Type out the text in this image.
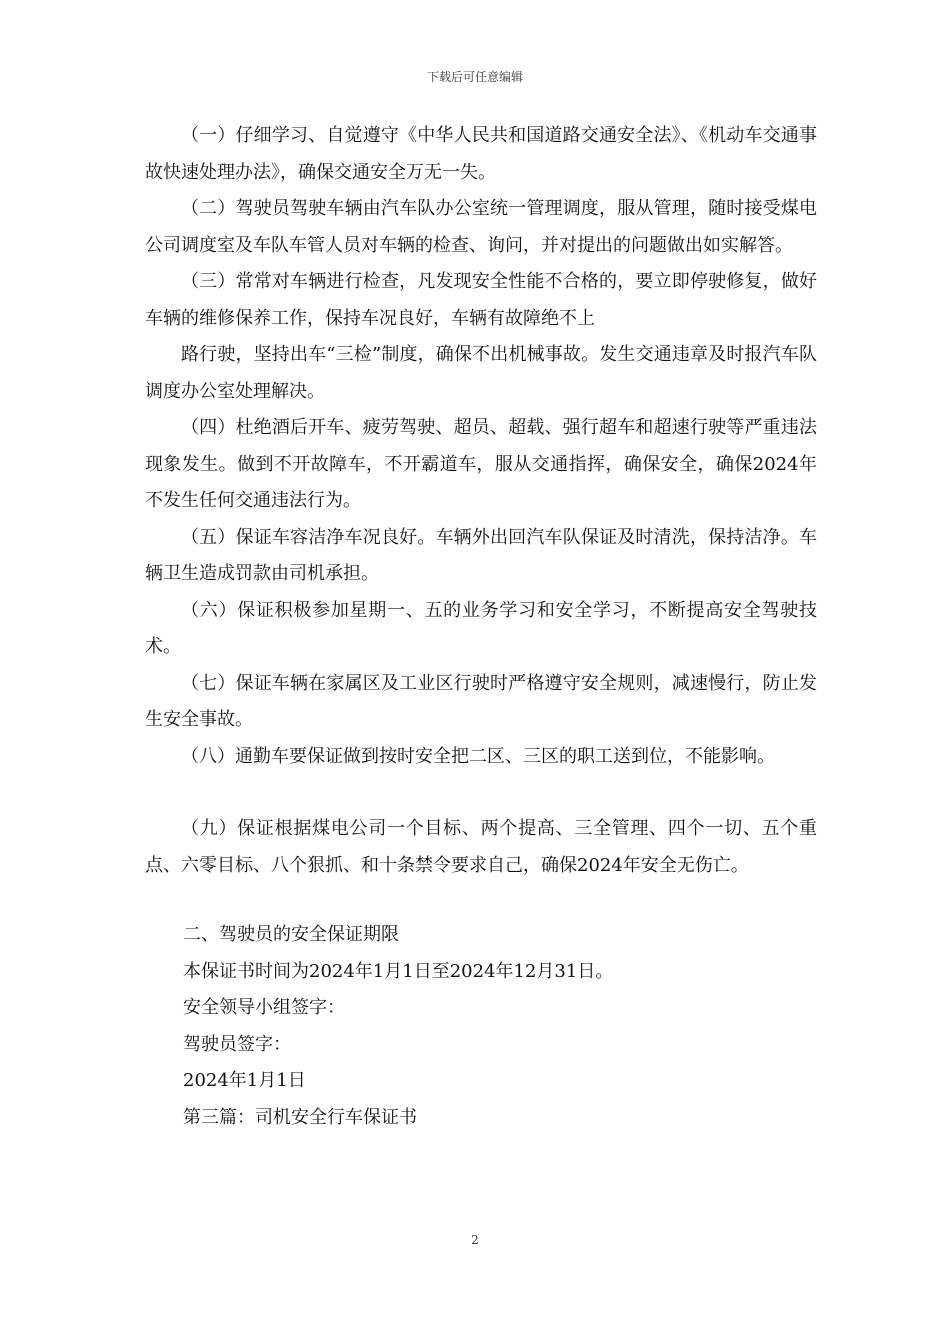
下载后可任意编辑

（一）仔细学习、自觉遵守《中华人民共和国道路交通安全法》、《机动车交通事故快速处理办法》，确保交通安全万无一失。

（二）驾驶员驾驶车辆由汽车队办公室统一管理调度，服从管理，随时接受煤电公司调度室及车队车管人员对车辆的检查、询问，并对提出的问题做出如实解答。

（三）常常对车辆进行检查，凡发现安全性能不合格的，要立即停驶修复，做好车辆的维修保养工作，保持车况良好，车辆有故障绝不上

路行驶，坚持出车“三检”制度，确保不出机械事故。发生交通违章及时报汽车队调度办公室处理解决。

（四）杜绝酒后开车、疲劳驾驶、超员、超载、强行超车和超速行驶等严重违法现象发生。做到不开故障车，不开霸道车，服从交通指挥，确保安全，确保2024年不发生任何交通违法行为。

（五）保证车容洁净车况良好。车辆外出回汽车队保证及时清洗，保持洁净。车辆卫生造成罚款由司机承担。

（六）保证积极参加星期一、五的业务学习和安全学习，不断提高安全驾驶技术。

（七）保证车辆在家属区及工业区行驶时严格遵守安全规则，减速慢行，防止发生安全事故。

（八）通勤车要保证做到按时安全把二区、三区的职工送到位，不能影响。

（九）保证根据煤电公司一个目标、两个提高、三全管理、四个一切、五个重点、六零目标、八个狠抓、和十条禁令要求自己，确保2024年安全无伤亡。

二、驾驶员的安全保证期限

本保证书时间为2024年1月1日至2024年12月31日。

安全领导小组签字：

驾驶员签字：

2024年1月1日

第三篇：司机安全行车保证书

2
